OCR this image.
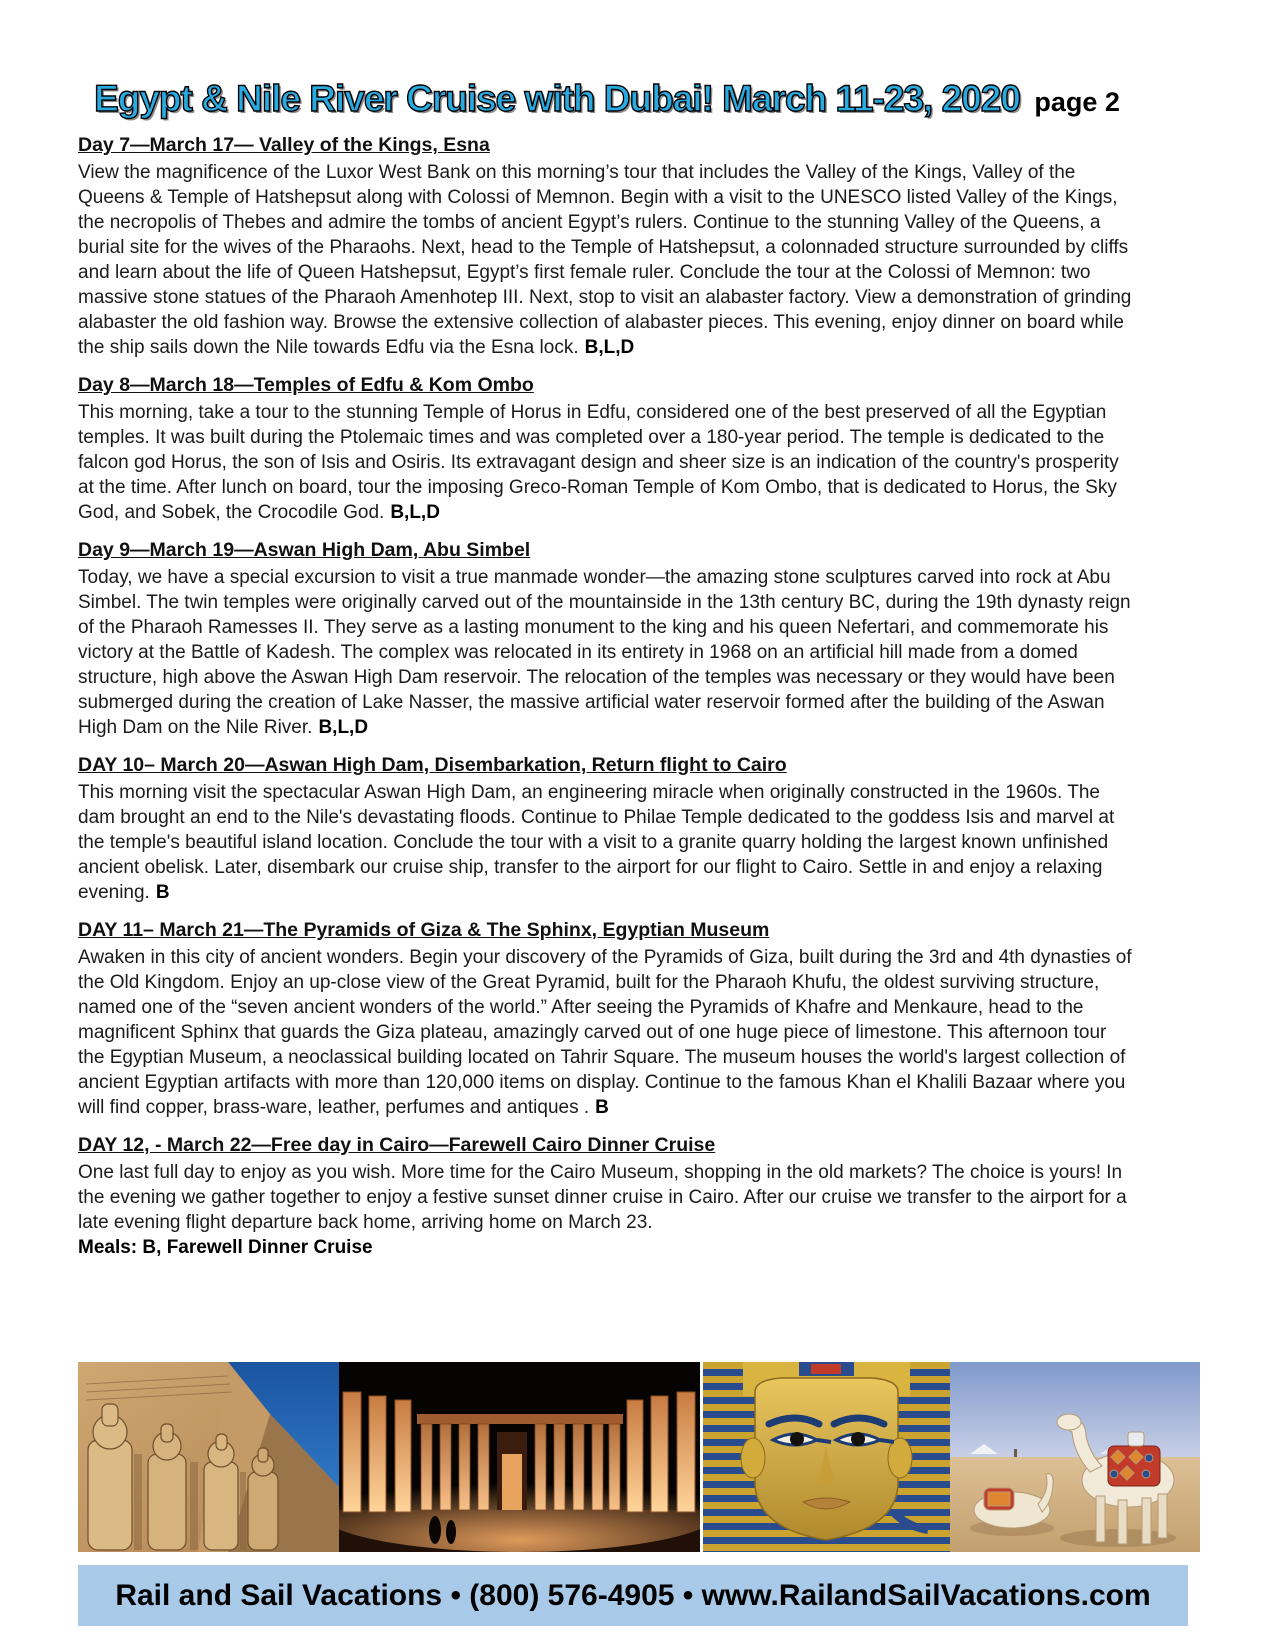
Egypt & Nile River Cruise with Dubai! March 11-23, 2020 page 2
Day 7—March 17— Valley of the Kings, Esna

View the magnificence of the Luxor West Bank on this morning’s tour that includes the Valley of the Kings, Valley of the Queens & Temple of Hatshepsut along with Colossi of Memnon. Begin with a visit to the UNESCO listed Valley of the Kings, the necropolis of Thebes and admire the tombs of ancient Egypt’s rulers. Continue to the stunning Valley of the Queens, a burial site for the wives of the Pharaohs. Next, head to the Temple of Hatshepsut, a colonnaded structure surrounded by cliffs and learn about the life of Queen Hatshepsut, Egypt’s first female ruler. Conclude the tour at the Colossi of Memnon: two massive stone statues of the Pharaoh Amenhotep III. Next, stop to visit an alabaster factory. View a demonstration of grinding alabaster the old fashion way. Browse the extensive collection of alabaster pieces. This evening, enjoy dinner on board while the ship sails down the Nile towards Edfu via the Esna lock. B,L,D

Day 8—March 18—Temples of Edfu & Kom Ombo

This morning, take a tour to the stunning Temple of Horus in Edfu, considered one of the best preserved of all the Egyptian temples. It was built during the Ptolemaic times and was completed over a 180-year period. The temple is dedicated to the falcon god Horus, the son of Isis and Osiris. Its extravagant design and sheer size is an indication of the country's prosperity at the time. After lunch on board, tour the imposing Greco-Roman Temple of Kom Ombo, that is dedicated to Horus, the Sky God, and Sobek, the Crocodile God. B,L,D

Day 9—March 19—Aswan High Dam, Abu Simbel

Today, we have a special excursion to visit a true manmade wonder—the amazing stone sculptures carved into rock at Abu Simbel. The twin temples were originally carved out of the mountainside in the 13th century BC, during the 19th dynasty reign of the Pharaoh Ramesses II. They serve as a lasting monument to the king and his queen Nefertari, and commemorate his victory at the Battle of Kadesh. The complex was relocated in its entirety in 1968 on an artificial hill made from a domed structure, high above the Aswan High Dam reservoir. The relocation of the temples was necessary or they would have been submerged during the creation of Lake Nasser, the massive artificial water reservoir formed after the building of the Aswan High Dam on the Nile River. B,L,D

DAY 10– March 20—Aswan High Dam, Disembarkation, Return flight to Cairo

This morning visit the spectacular Aswan High Dam, an engineering miracle when originally constructed in the 1960s. The dam brought an end to the Nile's devastating floods. Continue to Philae Temple dedicated to the goddess Isis and marvel at the temple's beautiful island location. Conclude the tour with a visit to a granite quarry holding the largest known unfinished ancient obelisk. Later, disembark our cruise ship, transfer to the airport for our flight to Cairo. Settle in and enjoy a relaxing evening. B

DAY 11– March 21—The Pyramids of Giza & The Sphinx, Egyptian Museum

Awaken in this city of ancient wonders. Begin your discovery of the Pyramids of Giza, built during the 3rd and 4th dynasties of the Old Kingdom. Enjoy an up-close view of the Great Pyramid, built for the Pharaoh Khufu, the oldest surviving structure, named one of the “seven ancient wonders of the world.” After seeing the Pyramids of Khafre and Menkaure, head to the magnificent Sphinx that guards the Giza plateau, amazingly carved out of one huge piece of limestone. This afternoon tour the Egyptian Museum, a neoclassical building located on Tahrir Square. The museum houses the world's largest collection of ancient Egyptian artifacts with more than 120,000 items on display. Continue to the famous Khan el Khalili Bazaar where you will find copper, brass-ware, leather, perfumes and antiques . B

DAY 12, - March 22—Free day in Cairo—Farewell Cairo Dinner Cruise

One last full day to enjoy as you wish. More time for the Cairo Museum, shopping in the old markets? The choice is yours! In the evening we gather together to enjoy a festive sunset dinner cruise in Cairo. After our cruise we transfer to the airport for a late evening flight departure back home, arriving home on March 23.

Meals: B, Farewell Dinner Cruise

Rail and Sail Vacations • (800) 576-4905 • www.RailandSailVacations.com
